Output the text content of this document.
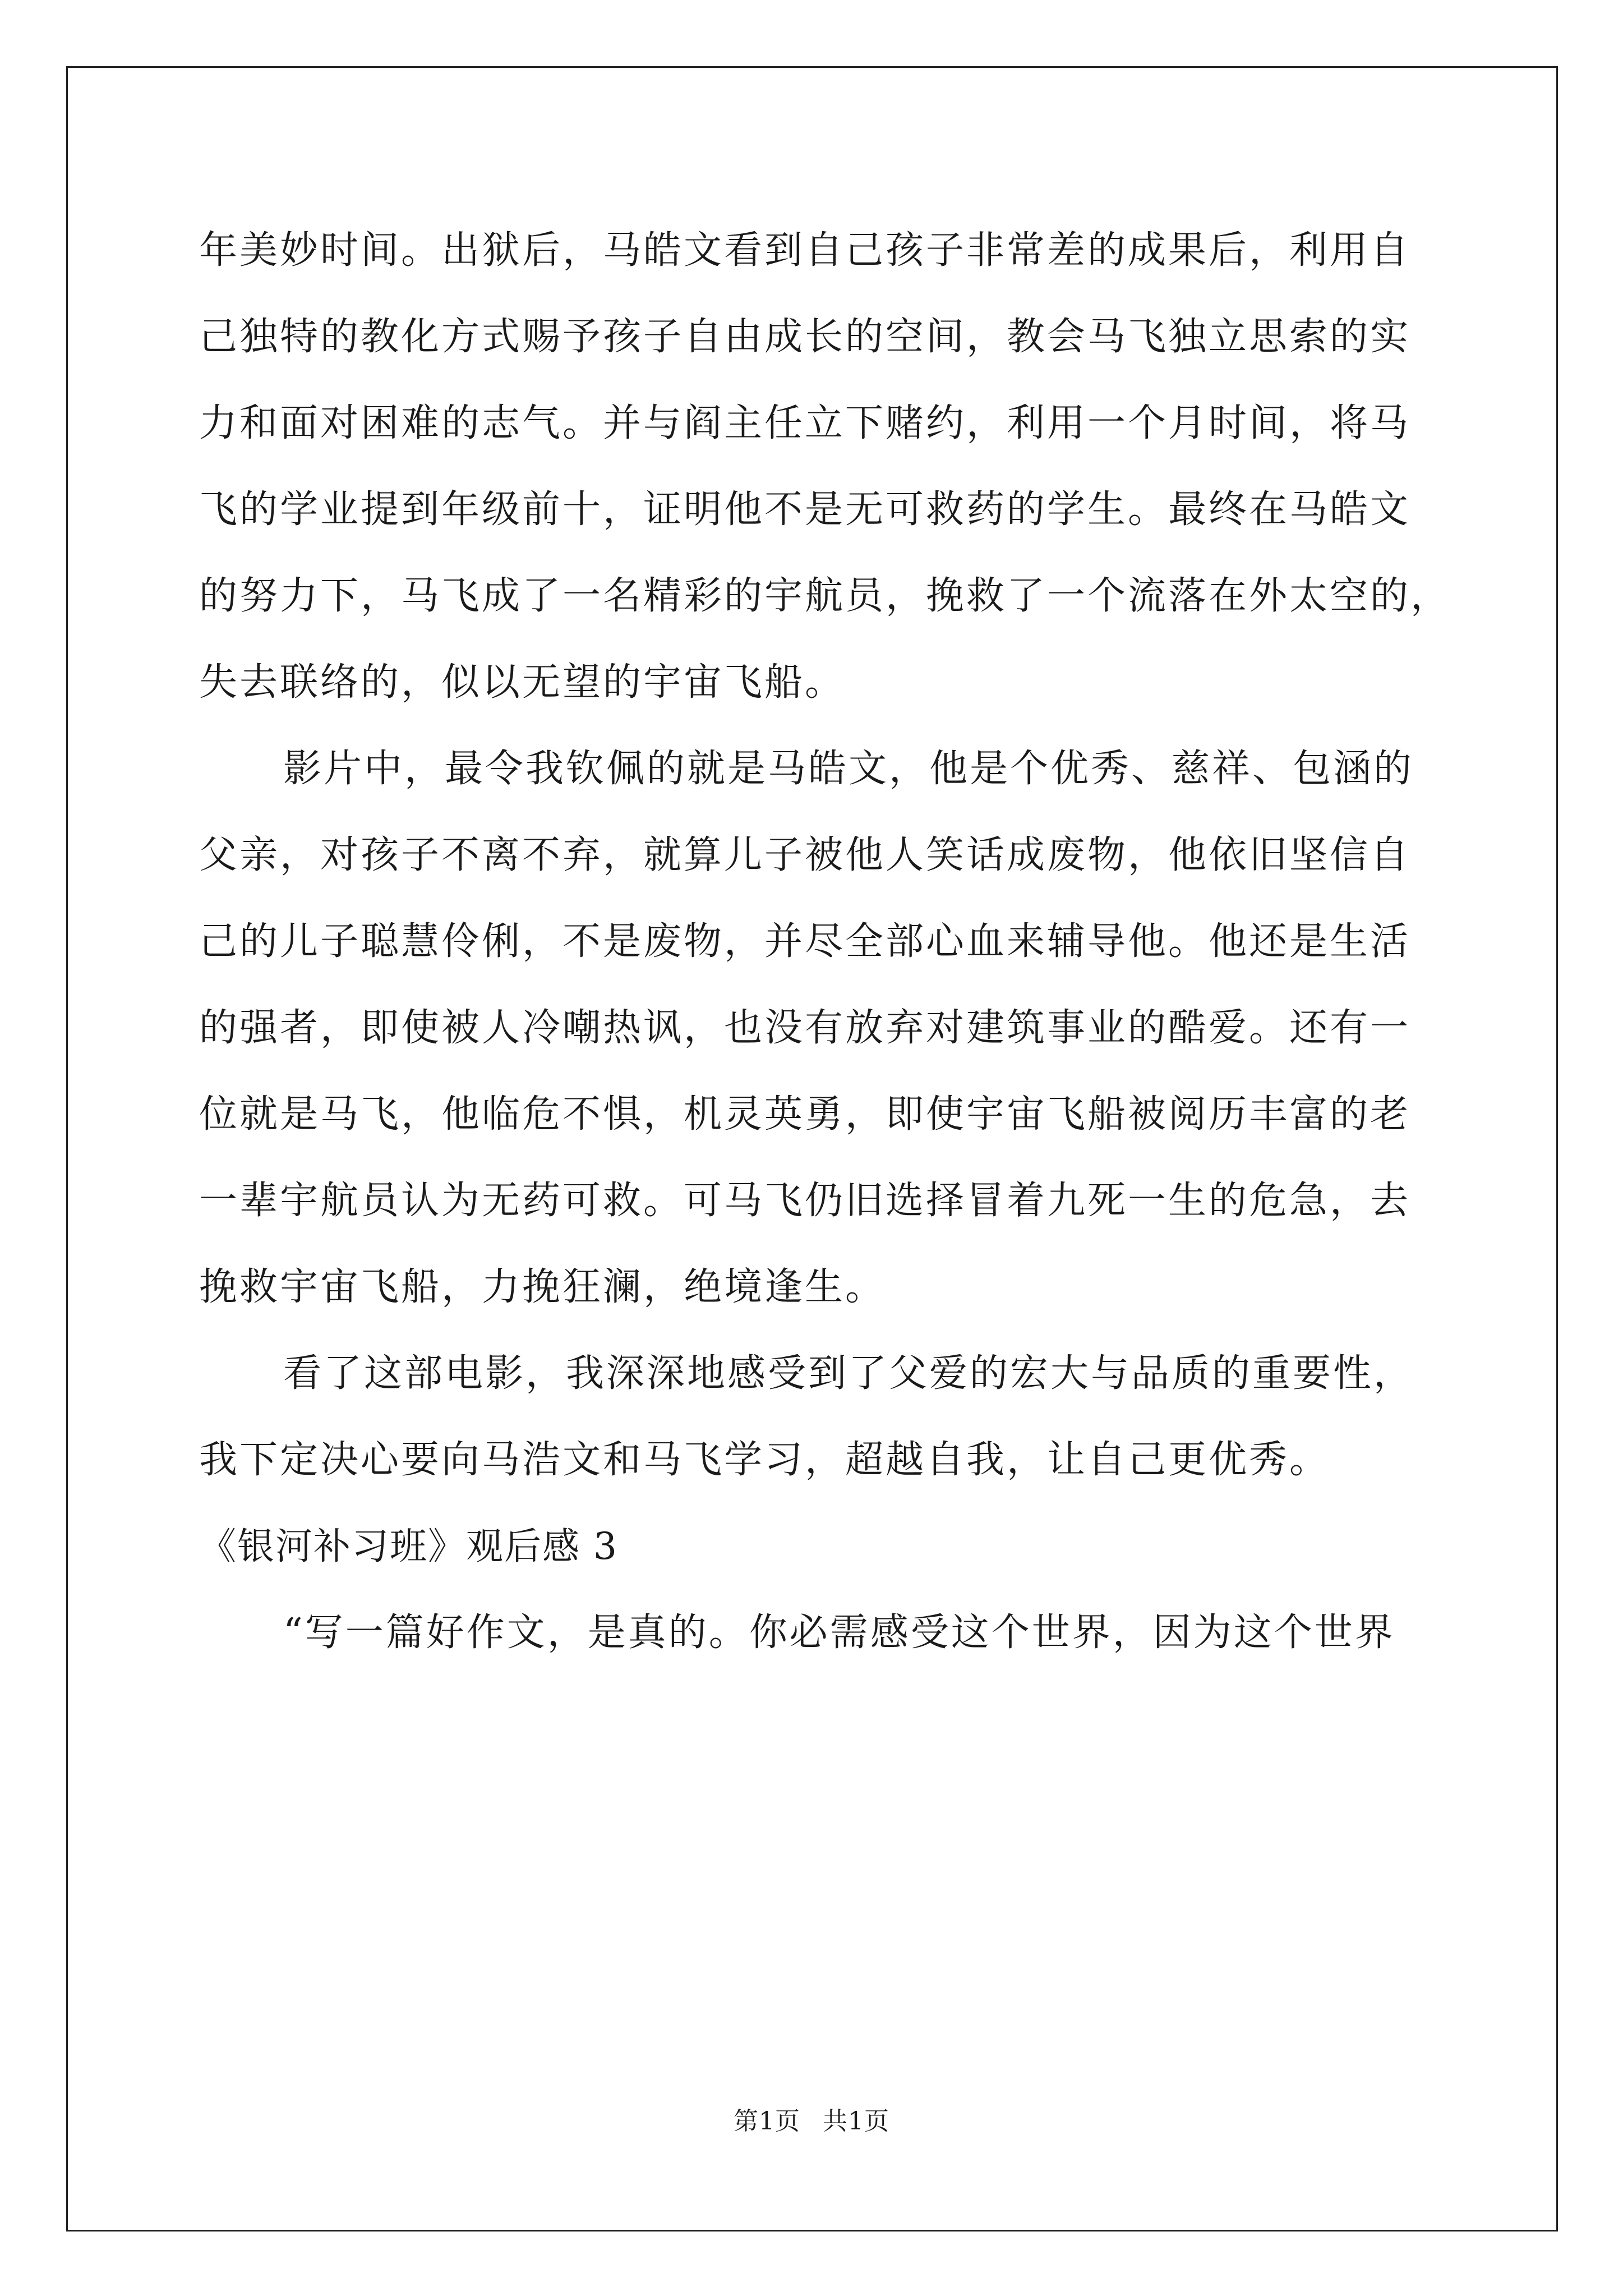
年美妙时间。出狱后，马皓文看到自己孩子非常差的成果后，利用自
己独特的教化方式赐予孩子自由成长的空间，教会马飞独立思索的实
力和面对困难的志气。并与阎主任立下赌约，利用一个月时间，将马
飞的学业提到年级前十，证明他不是无可救药的学生。最终在马皓文
的努力下，马飞成了一名精彩的宇航员，挽救了一个流落在外太空的，
失去联络的，似以无望的宇宙飞船。
影片中，最令我钦佩的就是马皓文，他是个优秀、慈祥、包涵的
父亲，对孩子不离不弃，就算儿子被他人笑话成废物，他依旧坚信自
己的儿子聪慧伶俐，不是废物，并尽全部心血来辅导他。他还是生活
的强者，即使被人冷嘲热讽，也没有放弃对建筑事业的酷爱。还有一
位就是马飞，他临危不惧，机灵英勇，即使宇宙飞船被阅历丰富的老
一辈宇航员认为无药可救。可马飞仍旧选择冒着九死一生的危急，去
挽救宇宙飞船，力挽狂澜，绝境逢生。
看了这部电影，我深深地感受到了父爱的宏大与品质的重要性，
我下定决心要向马浩文和马飞学习，超越自我，让自己更优秀。
《银河补习班》观后感 3
“写一篇好作文，是真的。你必需感受这个世界，因为这个世界
第1页 共1页
